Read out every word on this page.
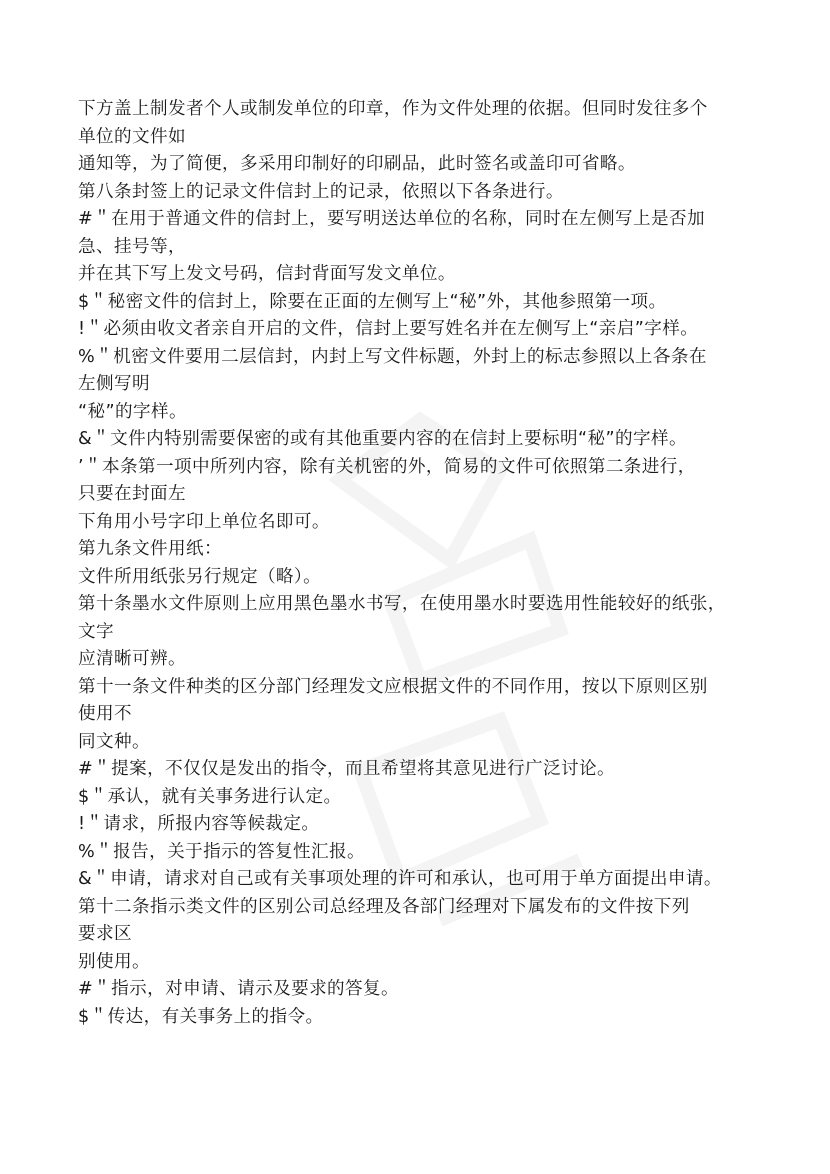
下方盖上制发者个人或制发单位的印章，作为文件处理的依据。但同时发往多个
单位的文件如
通知等，为了简便，多采用印制好的印刷品，此时签名或盖印可省略。
第八条封签上的记录文件信封上的记录，依照以下各条进行。
#＂在用于普通文件的信封上，要写明送达单位的名称，同时在左侧写上是否加
急、挂号等，
并在其下写上发文号码，信封背面写发文单位。
$＂秘密文件的信封上，除要在正面的左侧写上“秘”外，其他参照第一项。
!＂必须由收文者亲自开启的文件，信封上要写姓名并在左侧写上“亲启”字样。
%＂机密文件要用二层信封，内封上写文件标题，外封上的标志参照以上各条在
左侧写明
“秘”的字样。
&＂文件内特别需要保密的或有其他重要内容的在信封上要标明“秘”的字样。
’＂本条第一项中所列内容，除有关机密的外，简易的文件可依照第二条进行，
只要在封面左
下角用小号字印上单位名即可。
第九条文件用纸：
文件所用纸张另行规定（略）。
第十条墨水文件原则上应用黑色墨水书写，在使用墨水时要选用性能较好的纸张，
文字
应清晰可辨。
第十一条文件种类的区分部门经理发文应根据文件的不同作用，按以下原则区别
使用不
同文种。
#＂提案，不仅仅是发出的指令，而且希望将其意见进行广泛讨论。
$＂承认，就有关事务进行认定。
!＂请求，所报内容等候裁定。
%＂报告，关于指示的答复性汇报。
&＂申请，请求对自己或有关事项处理的许可和承认，也可用于单方面提出申请。
第十二条指示类文件的区别公司总经理及各部门经理对下属发布的文件按下列
要求区
别使用。
#＂指示，对申请、请示及要求的答复。
$＂传达，有关事务上的指令。
